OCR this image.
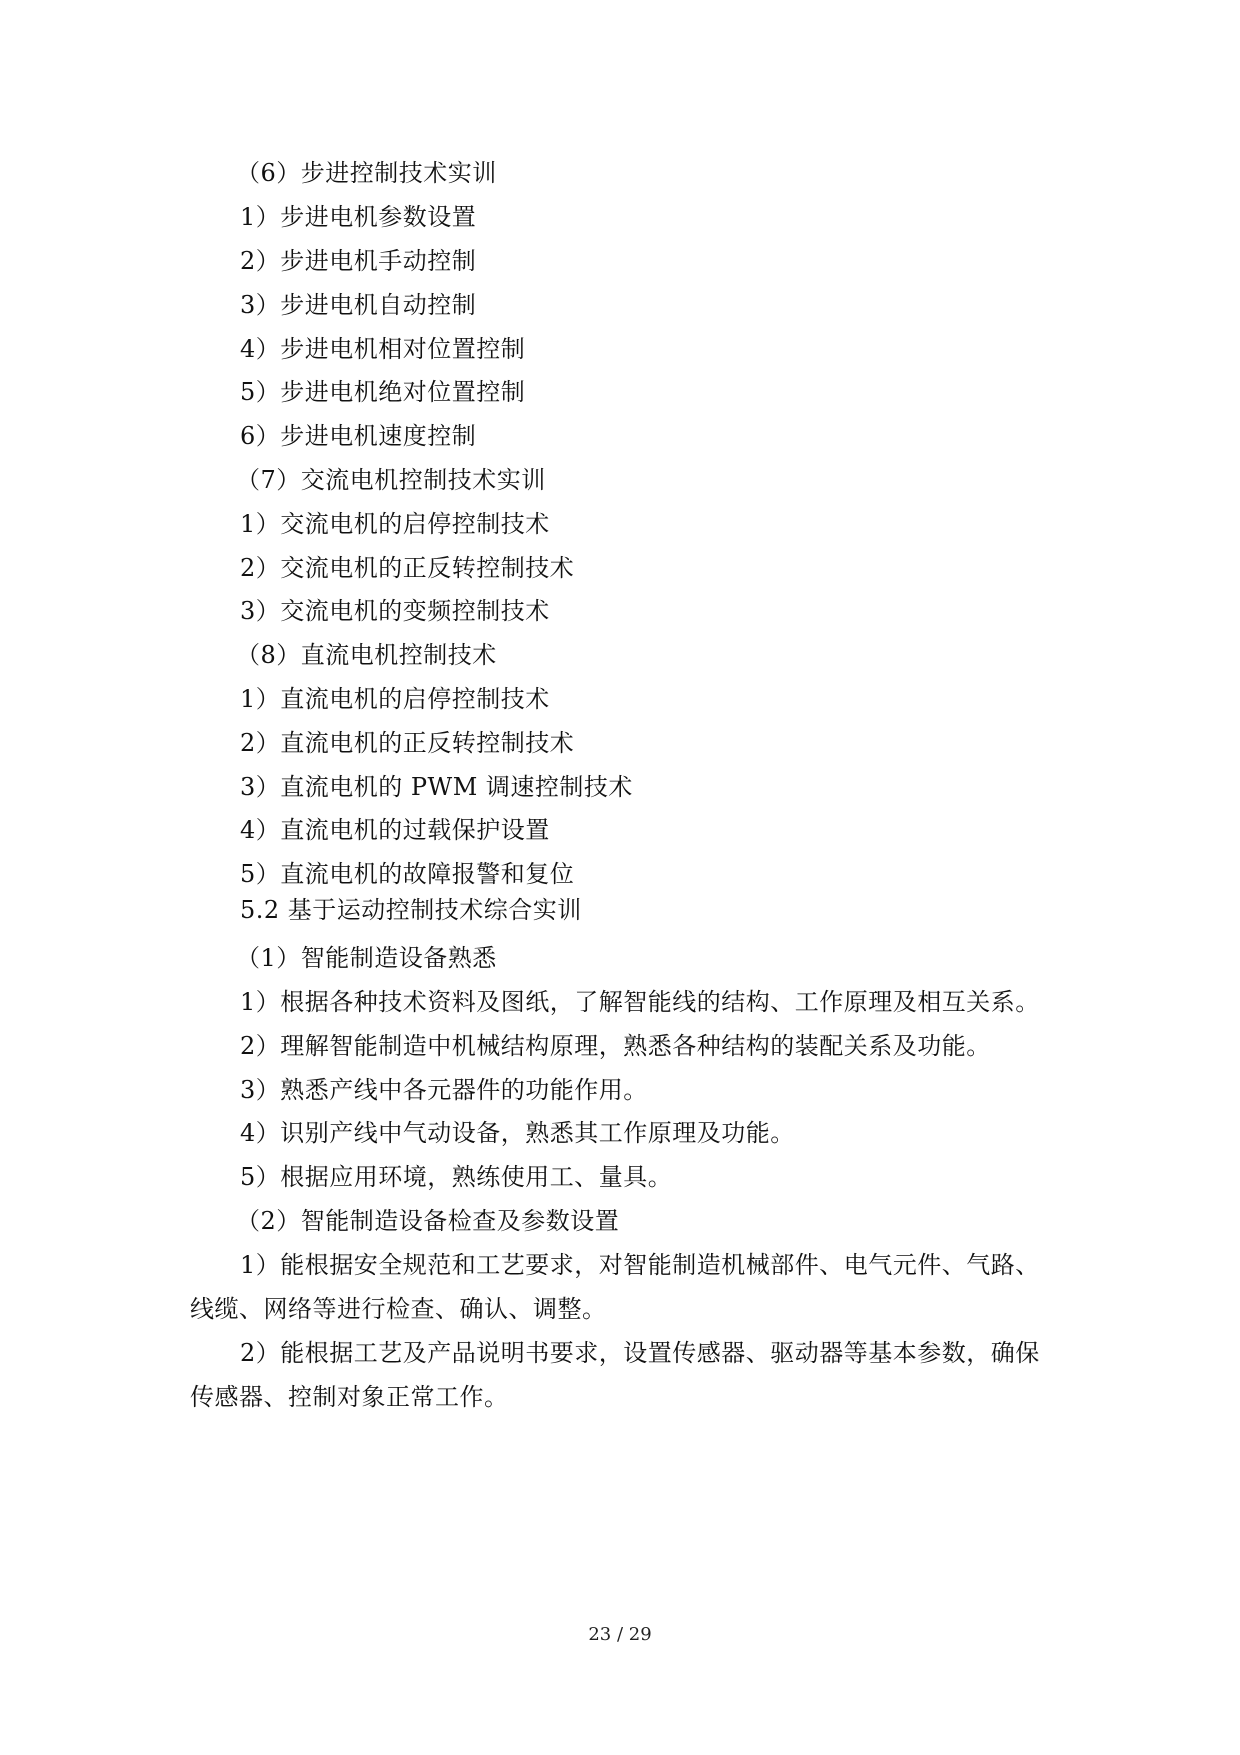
（6）步进控制技术实训
1）步进电机参数设置
2）步进电机手动控制
3）步进电机自动控制
4）步进电机相对位置控制
5）步进电机绝对位置控制
6）步进电机速度控制
（7）交流电机控制技术实训
1）交流电机的启停控制技术
2）交流电机的正反转控制技术
3）交流电机的变频控制技术
（8）直流电机控制技术
1）直流电机的启停控制技术
2）直流电机的正反转控制技术
3）直流电机的 PWM 调速控制技术
4）直流电机的过载保护设置
5）直流电机的故障报警和复位
5.2 基于运动控制技术综合实训
（1）智能制造设备熟悉
1）根据各种技术资料及图纸，了解智能线的结构、工作原理及相互关系。
2）理解智能制造中机械结构原理，熟悉各种结构的装配关系及功能。
3）熟悉产线中各元器件的功能作用。
4）识别产线中气动设备，熟悉其工作原理及功能。
5）根据应用环境，熟练使用工、量具。
（2）智能制造设备检查及参数设置
1）能根据安全规范和工艺要求，对智能制造机械部件、电气元件、气路、
线缆、网络等进行检查、确认、调整。
2）能根据工艺及产品说明书要求，设置传感器、驱动器等基本参数，确保
传感器、控制对象正常工作。
23 / 29
